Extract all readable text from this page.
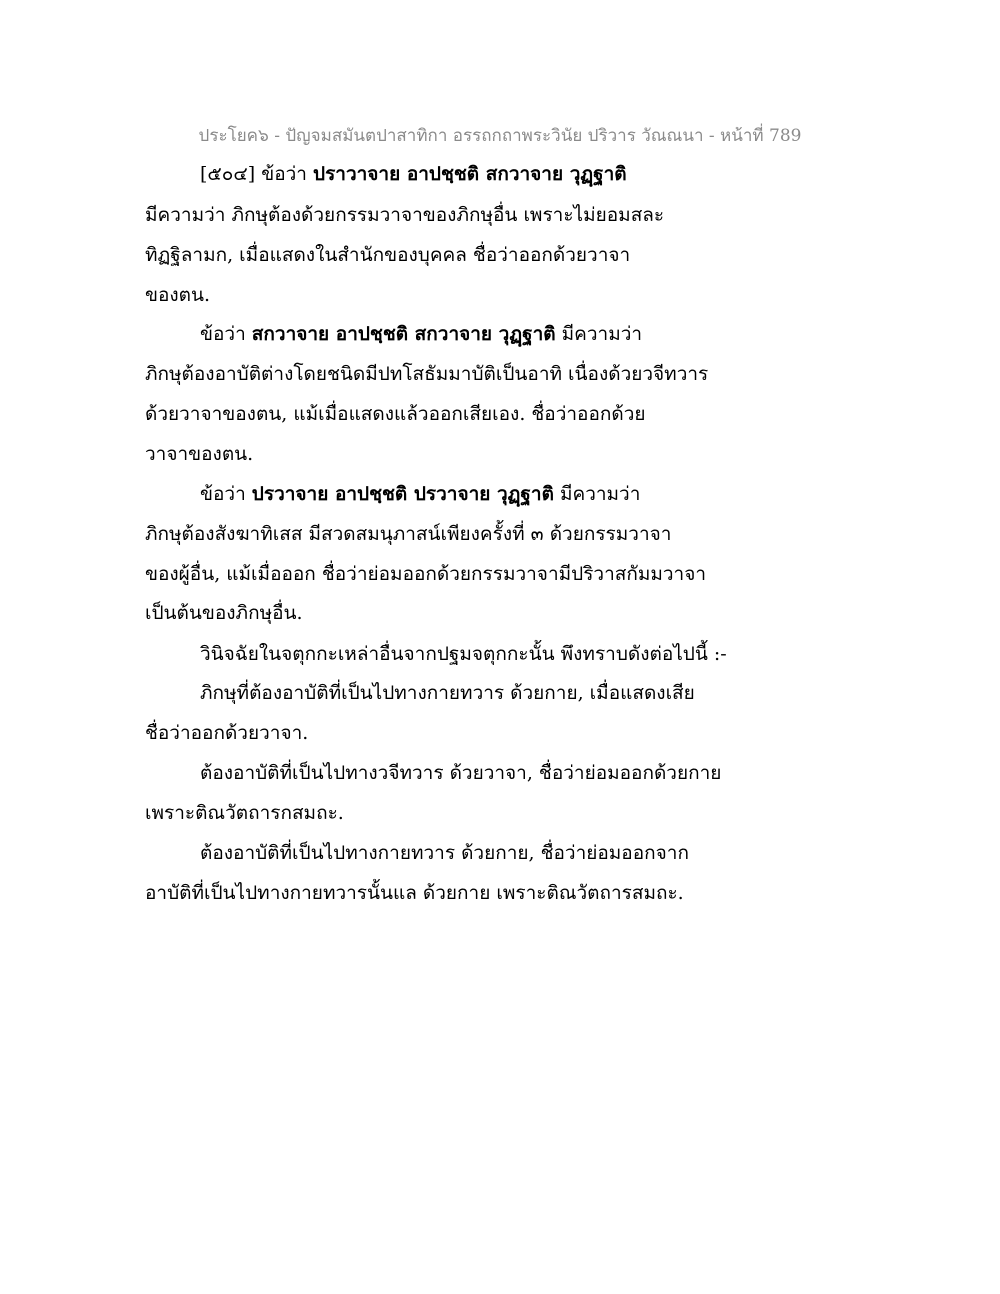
ประโยค๖ - ปัญจมสมันตปาสาทิกา อรรถกถาพระวินัย ปริวาร วัณณนา - หน้าที่ 789
[๕๐๔] ข้อว่า ปราวาจาย อาปชฺชติ สกวาจาย วุฏฺฐาติ
มีความว่า ภิกษุต้องด้วยกรรมวาจาของภิกษุอื่น เพราะไม่ยอมสละ
ทิฏฐิลามก, เมื่อแสดงในสำนักของบุคคล ชื่อว่าออกด้วยวาจา
ของตน.
ข้อว่า สกวาจาย อาปชฺชติ สกวาจาย วุฏฺฐาติ มีความว่า
ภิกษุต้องอาบัติต่างโดยชนิดมีปทโสธัมมาบัติเป็นอาทิ เนื่องด้วยวจีทวาร
ด้วยวาจาของตน, แม้เมื่อแสดงแล้วออกเสียเอง. ชื่อว่าออกด้วย
วาจาของตน.
ข้อว่า ปรวาจาย อาปชฺชติ ปรวาจาย วุฏฺฐาติ มีความว่า
ภิกษุต้องสังฆาทิเสส มีสวดสมนุภาสน์เพียงครั้งที่ ๓ ด้วยกรรมวาจา
ของผู้อื่น, แม้เมื่อออก ชื่อว่าย่อมออกด้วยกรรมวาจามีปริวาสกัมมวาจา
เป็นต้นของภิกษุอื่น.
วินิจฉัยในจตุกกะเหล่าอื่นจากปฐมจตุกกะนั้น พึงทราบดังต่อไปนี้ :-
ภิกษุที่ต้องอาบัติที่เป็นไปทางกายทวาร ด้วยกาย, เมื่อแสดงเสีย
ชื่อว่าออกด้วยวาจา.
ต้องอาบัติที่เป็นไปทางวจีทวาร ด้วยวาจา, ชื่อว่าย่อมออกด้วยกาย
เพราะติณวัตถารกสมถะ.
ต้องอาบัติที่เป็นไปทางกายทวาร ด้วยกาย, ชื่อว่าย่อมออกจาก
อาบัติที่เป็นไปทางกายทวารนั้นแล ด้วยกาย เพราะติณวัตถารสมถะ.
